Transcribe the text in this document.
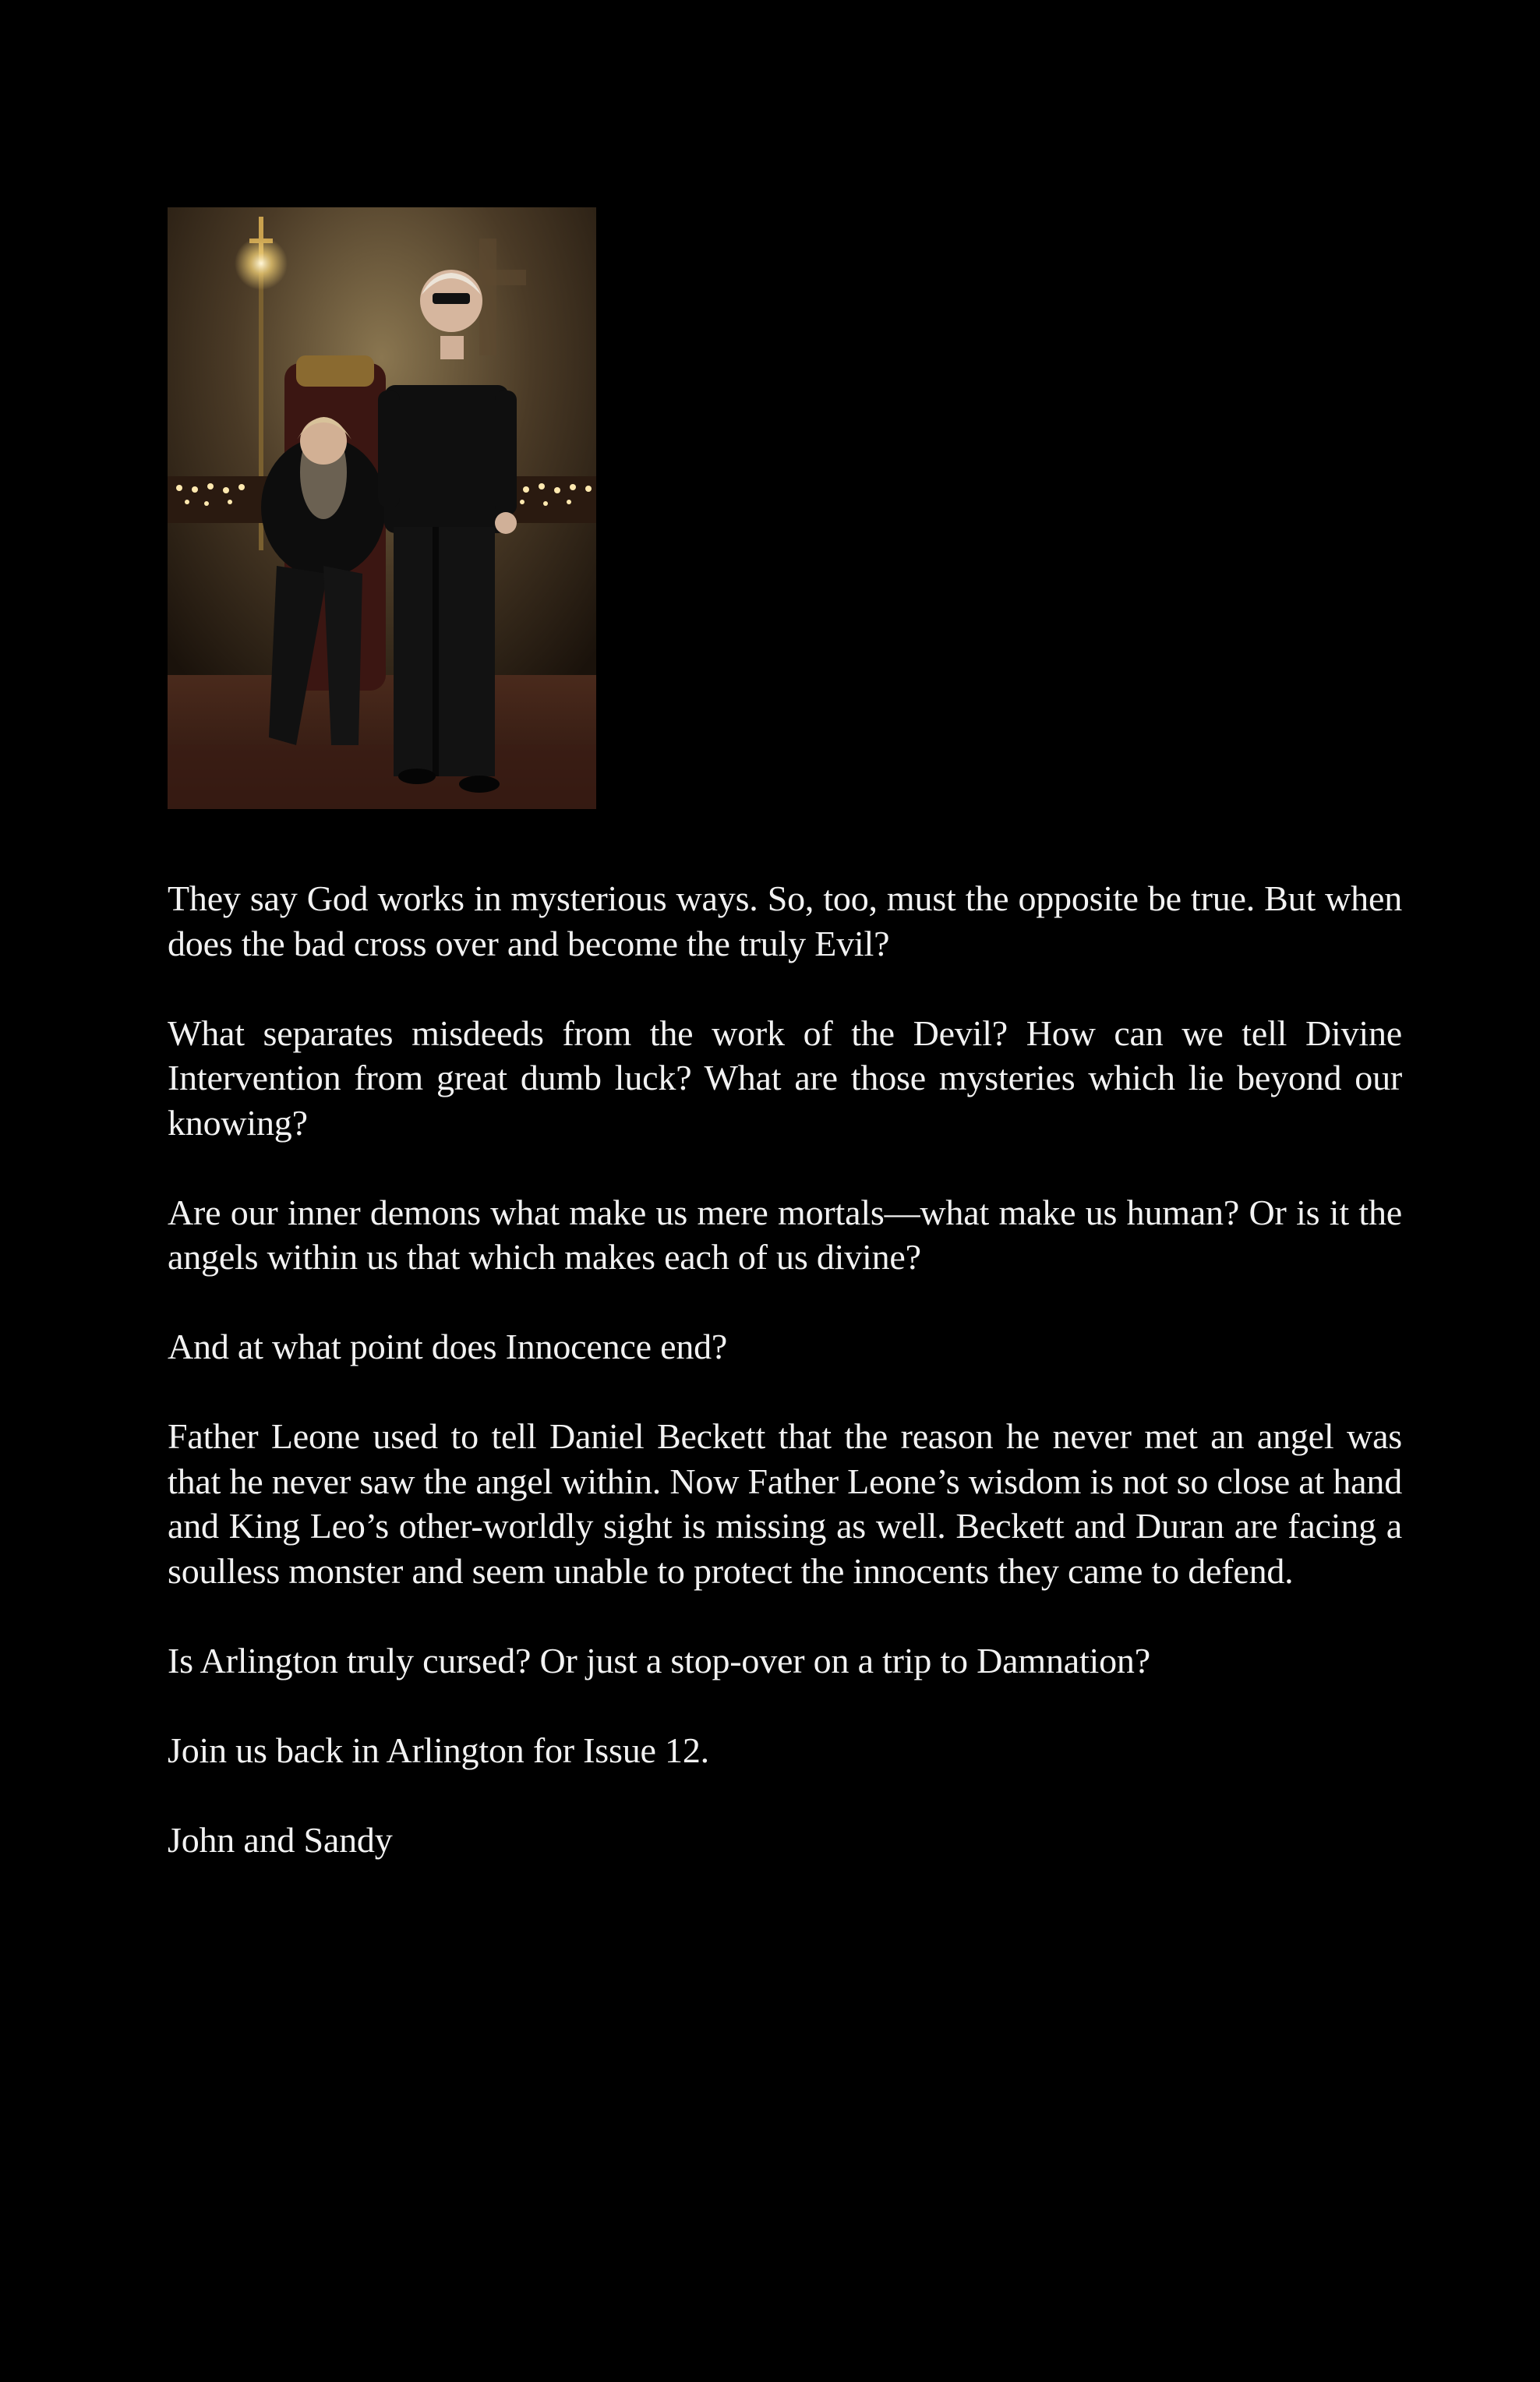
They say God works in mysterious ways. So, too, must the opposite be true. But when does the bad cross over and become the truly Evil?

What separates misdeeds from the work of the Devil? How can we tell Divine Intervention from great dumb luck? What are those mysteries which lie beyond our knowing?

Are our inner demons what make us mere mortals—what make us human? Or is it the angels within us that which makes each of us divine?

And at what point does Innocence end?

Father Leone used to tell Daniel Beckett that the reason he never met an angel was that he never saw the angel within. Now Father Leone’s wisdom is not so close at hand and King Leo’s other-worldly sight is missing as well. Beckett and Duran are facing a soulless monster and seem unable to protect the innocents they came to defend.

Is Arlington truly cursed? Or just a stop-over on a trip to Damnation?

Join us back in Arlington for Issue 12.

John and Sandy
